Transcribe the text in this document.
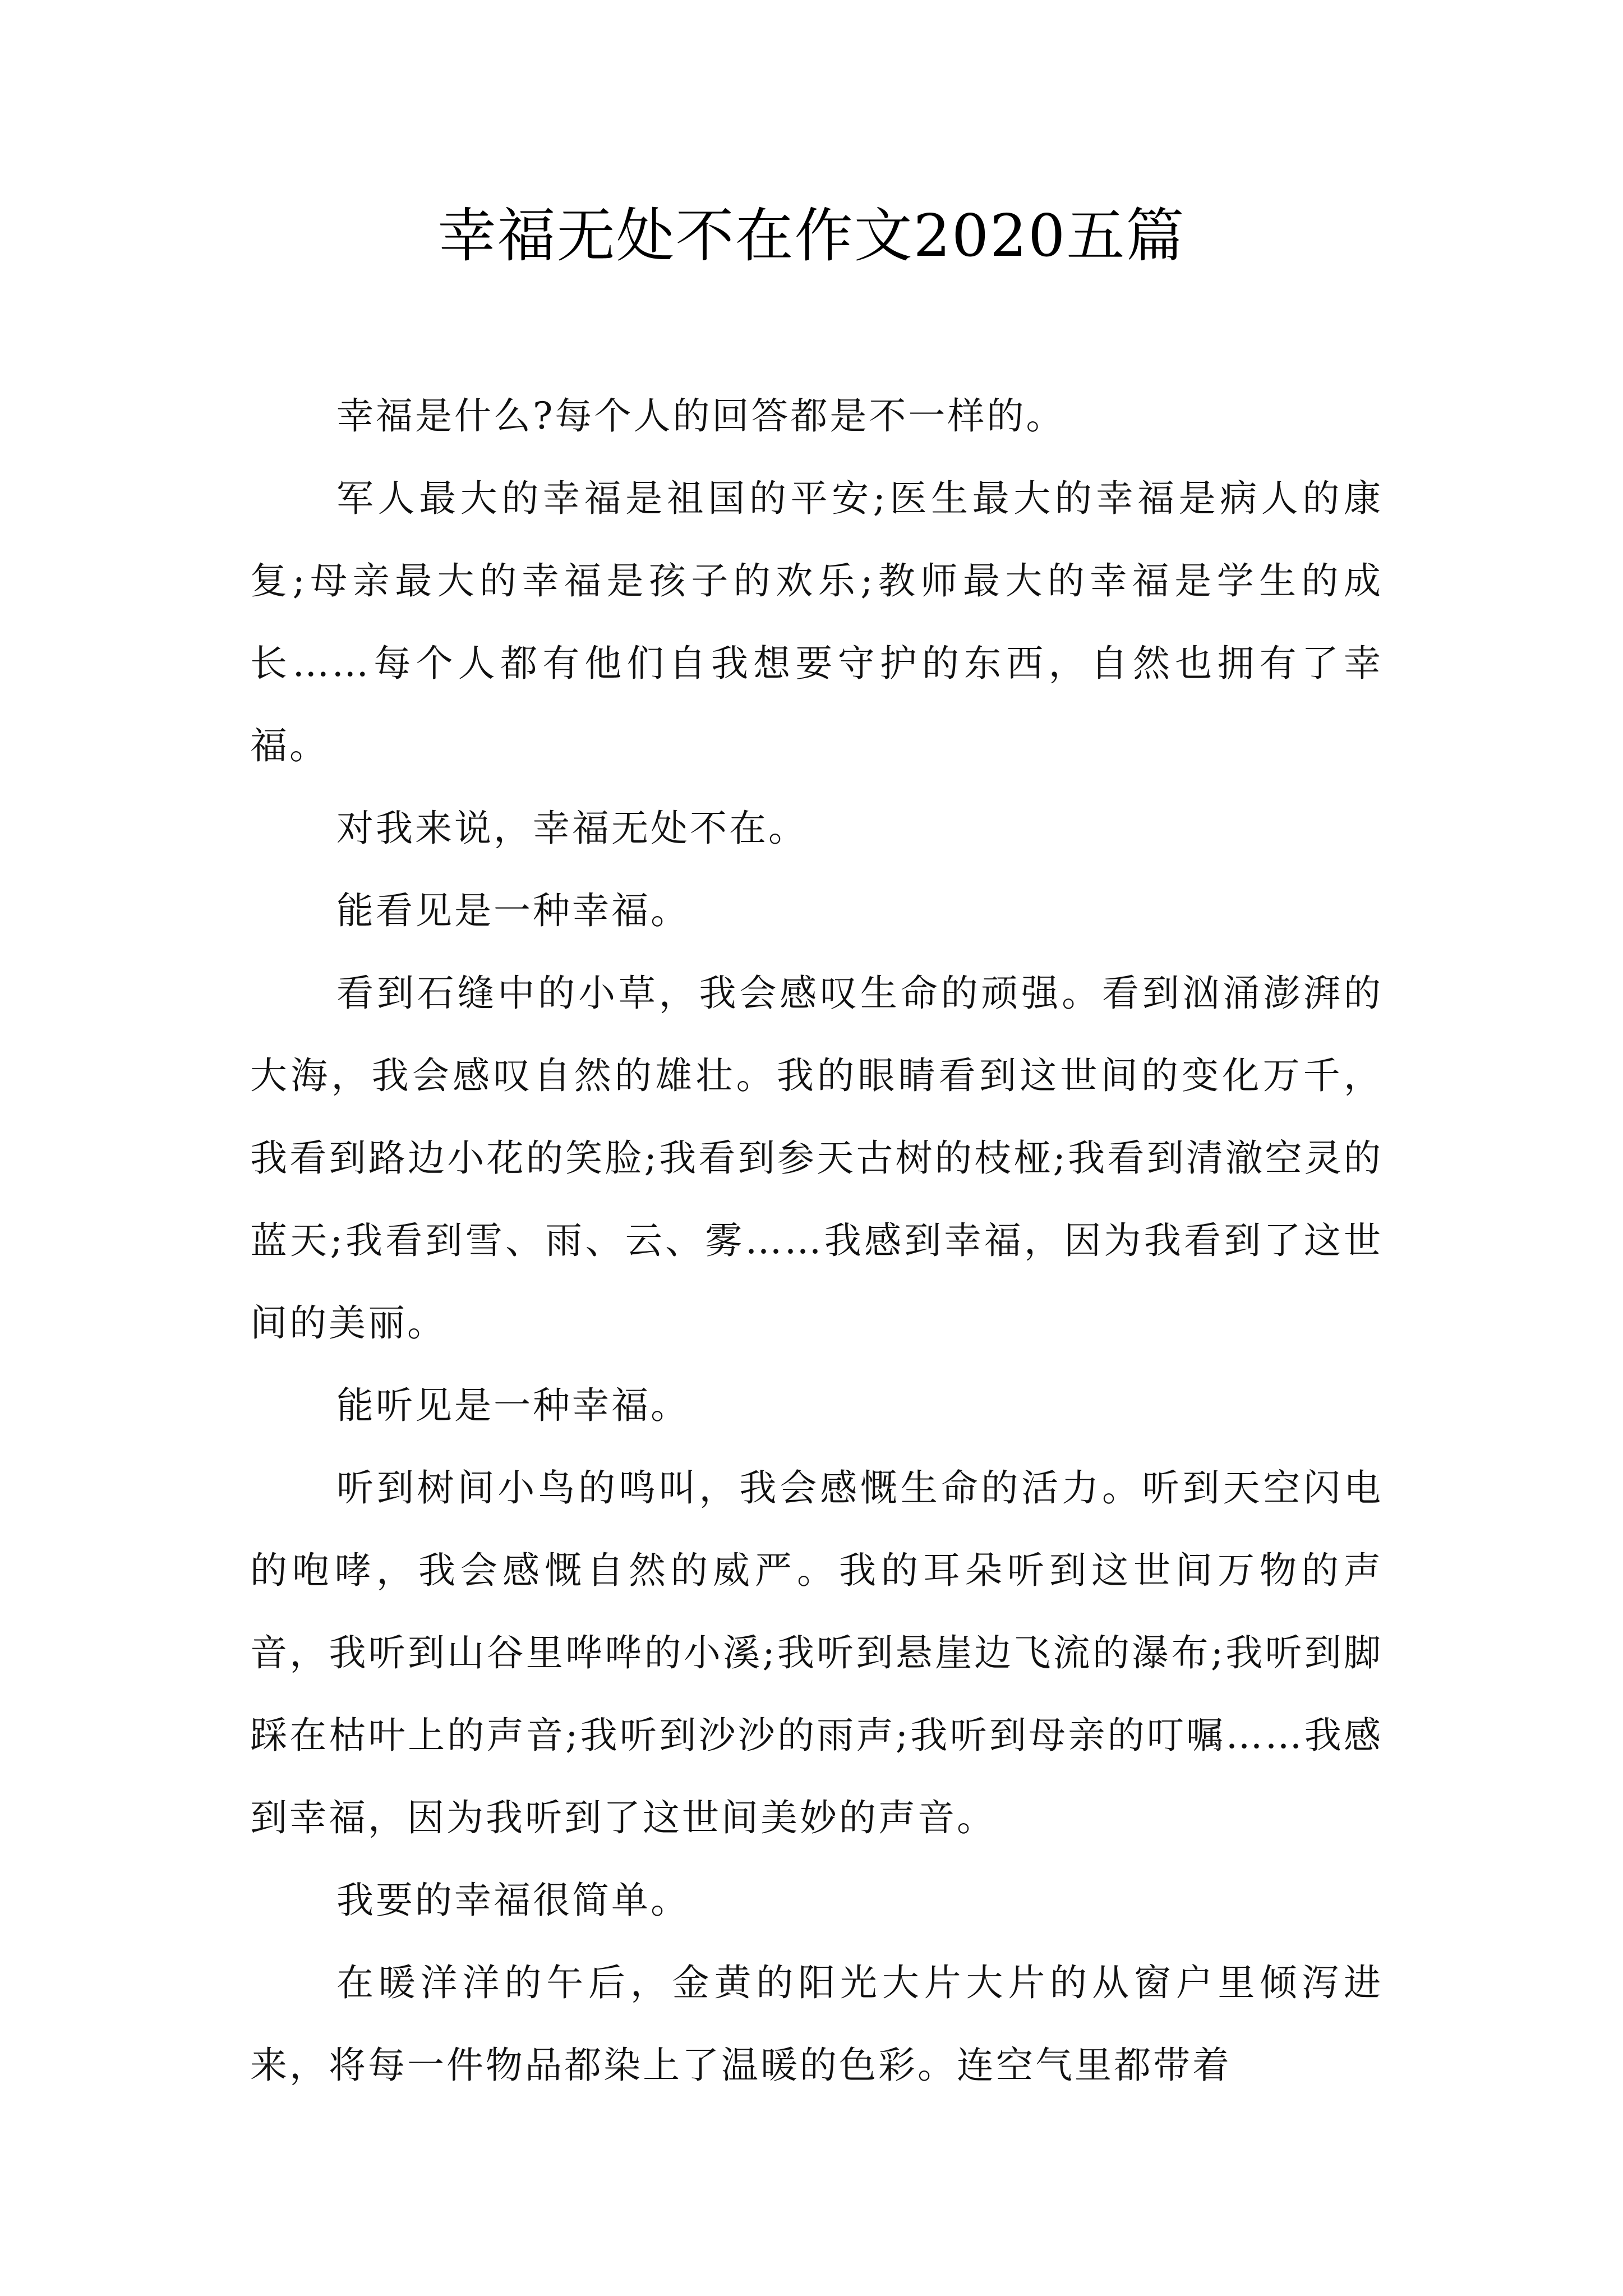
幸福无处不在作文2020五篇

幸福是什么?每个人的回答都是不一样的。

军人最大的幸福是祖国的平安;医生最大的幸福是病人的康复;母亲最大的幸福是孩子的欢乐;教师最大的幸福是学生的成长……每个人都有他们自我想要守护的东西，自然也拥有了幸福。

对我来说，幸福无处不在。

能看见是一种幸福。

看到石缝中的小草，我会感叹生命的顽强。看到汹涌澎湃的大海，我会感叹自然的雄壮。我的眼睛看到这世间的变化万千，我看到路边小花的笑脸;我看到参天古树的枝桠;我看到清澈空灵的蓝天;我看到雪、雨、云、雾……我感到幸福，因为我看到了这世间的美丽。

能听见是一种幸福。

听到树间小鸟的鸣叫，我会感慨生命的活力。听到天空闪电的咆哮，我会感慨自然的威严。我的耳朵听到这世间万物的声音，我听到山谷里哗哗的小溪;我听到悬崖边飞流的瀑布;我听到脚踩在枯叶上的声音;我听到沙沙的雨声;我听到母亲的叮嘱……我感到幸福，因为我听到了这世间美妙的声音。

我要的幸福很简单。

在暖洋洋的午后，金黄的阳光大片大片的从窗户里倾泻进来，将每一件物品都染上了温暖的色彩。连空气里都带着
